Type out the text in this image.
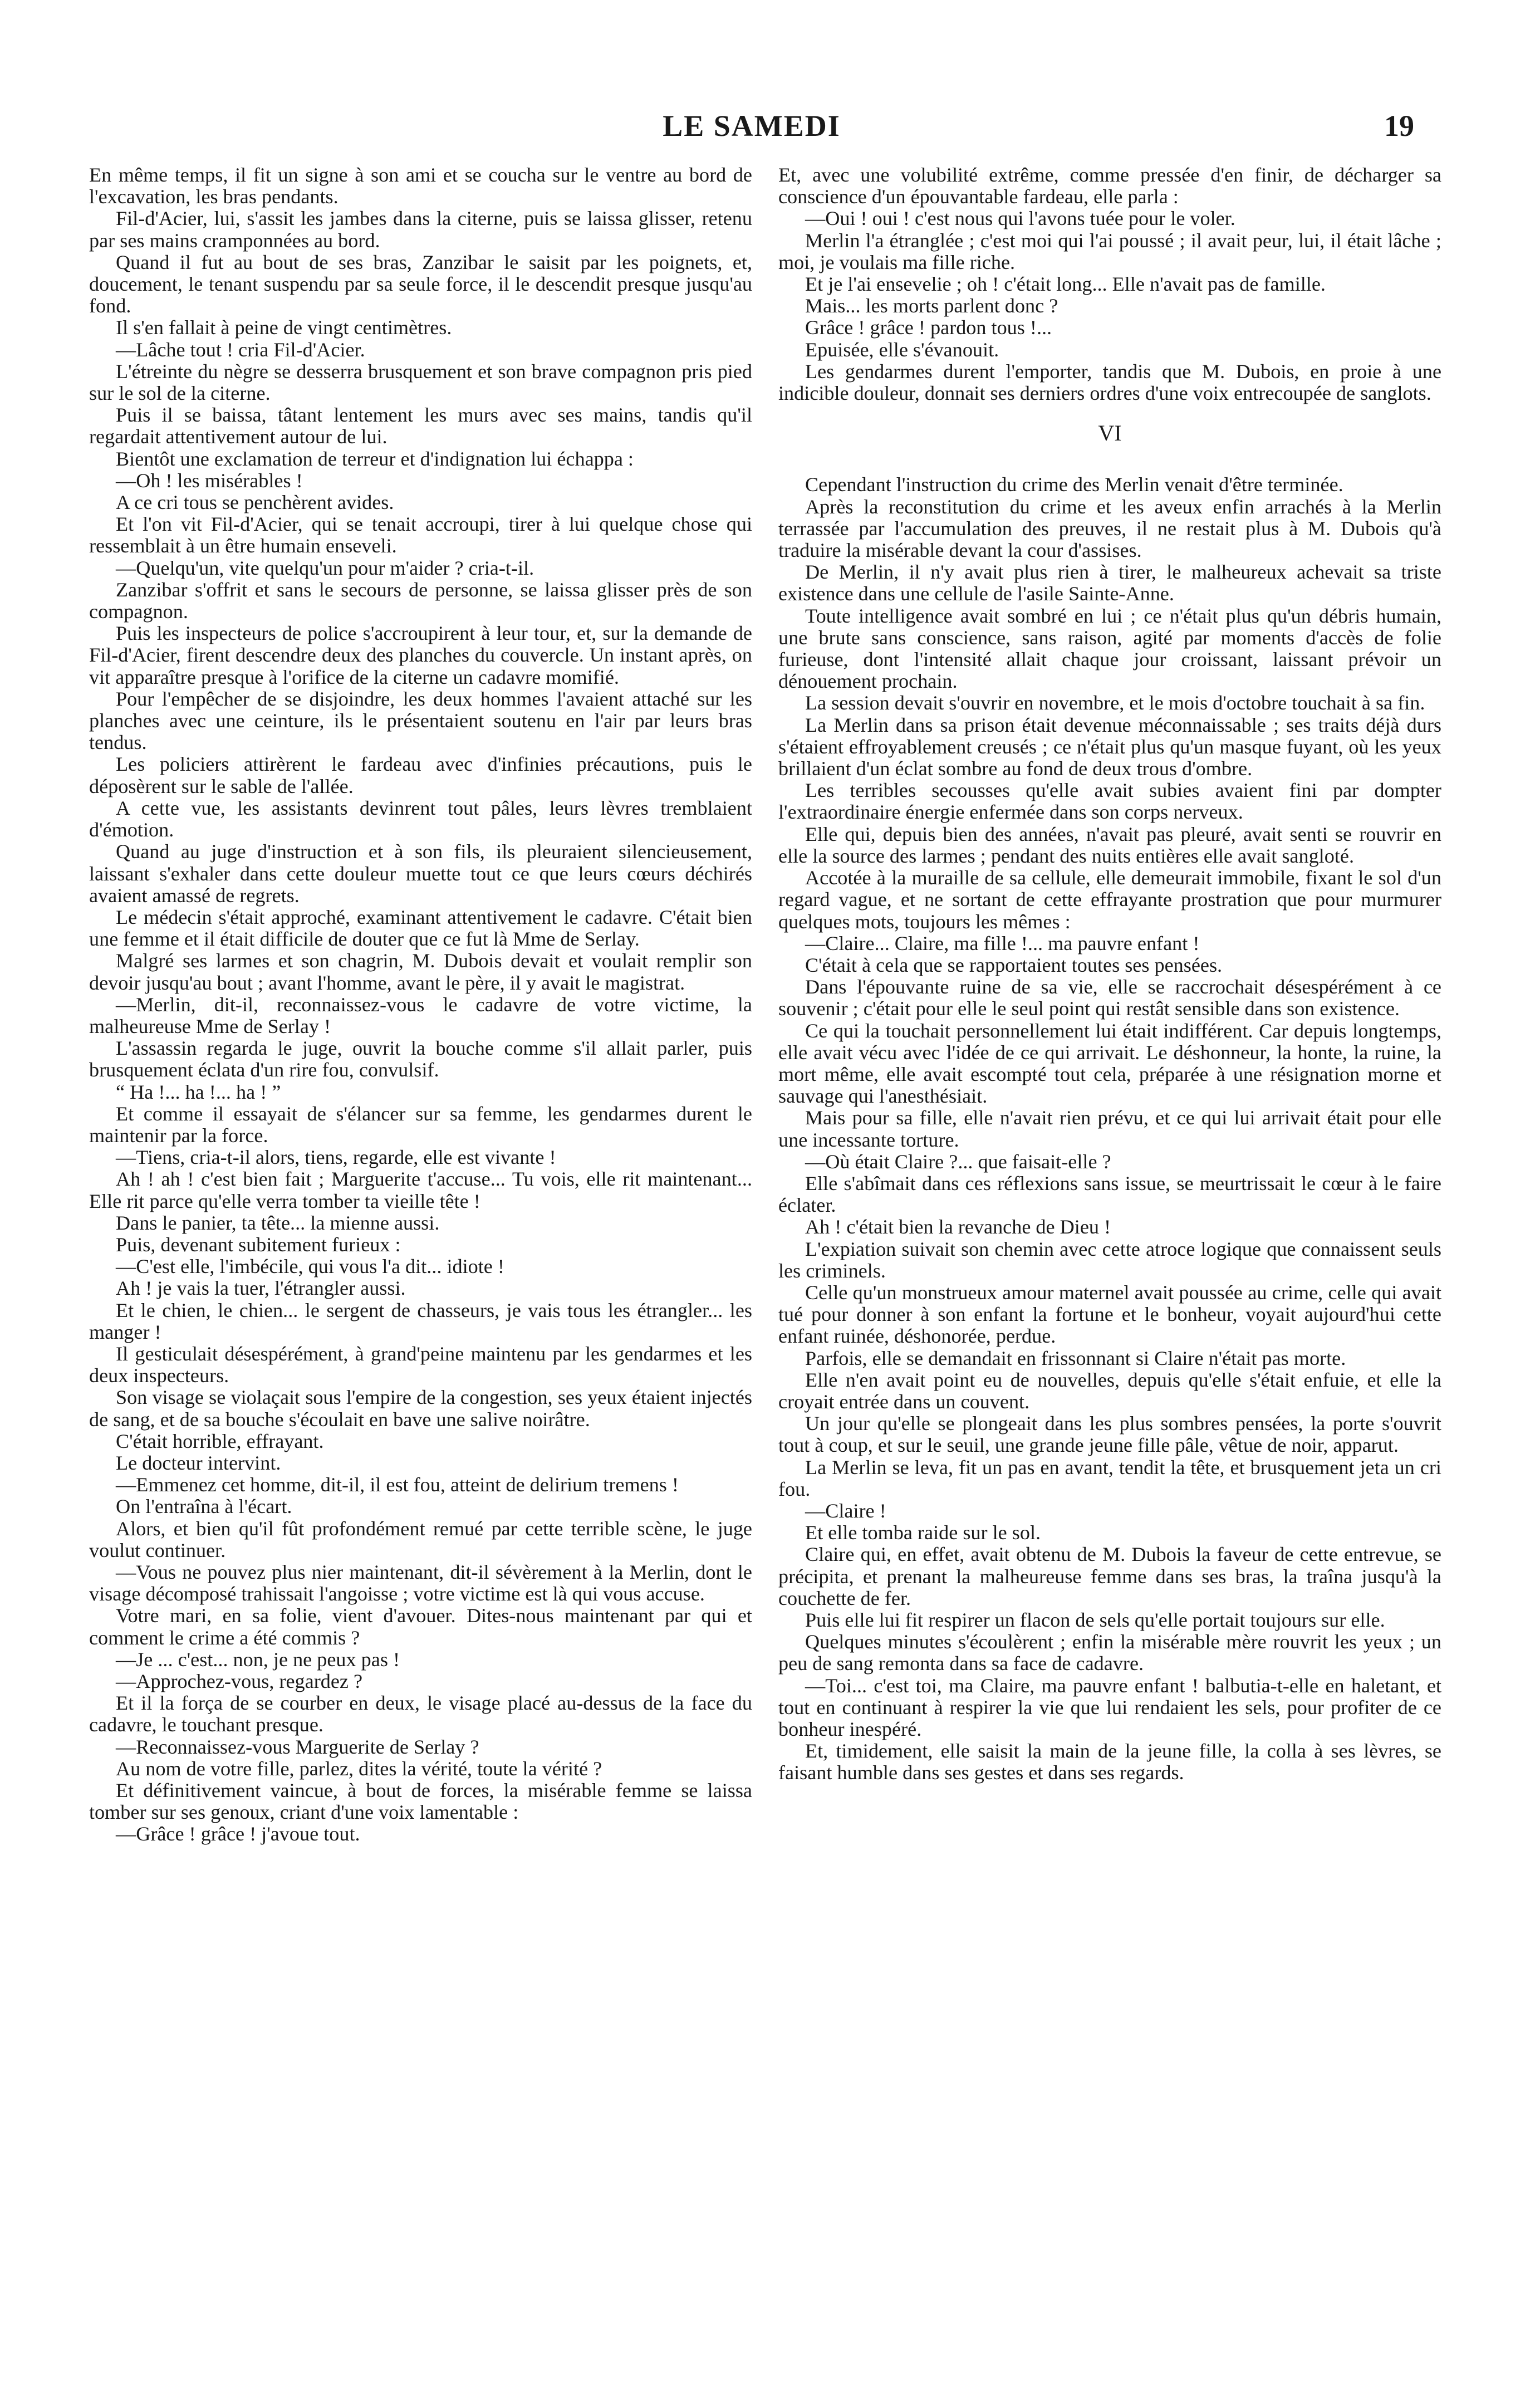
LE SAMEDI	19

En même temps, il fit un signe à son ami et se coucha sur le ventre au bord de l'excavation, les bras pendants.

Fil-d'Acier, lui, s'assit les jambes dans la citerne, puis se laissa glisser, retenu par ses mains cramponnées au bord.

Quand il fut au bout de ses bras, Zanzibar le saisit par les poignets, et, doucement, le tenant suspendu par sa seule force, il le descendit presque jusqu'au fond.

Il s'en fallait à peine de vingt centimètres.

—Lâche tout ! cria Fil-d'Acier.

L'étreinte du nègre se desserra brusquement et son brave compagnon pris pied sur le sol de la citerne.

Puis il se baissa, tâtant lentement les murs avec ses mains, tandis qu'il regardait attentivement autour de lui.

Bientôt une exclamation de terreur et d'indignation lui échappa :

—Oh ! les misérables !

A ce cri tous se penchèrent avides.

Et l'on vit Fil-d'Acier, qui se tenait accroupi, tirer à lui quelque chose qui ressemblait à un être humain enseveli.

—Quelqu'un, vite quelqu'un pour m'aider ? cria-t-il.

Zanzibar s'offrit et sans le secours de personne, se laissa glisser près de son compagnon.

Puis les inspecteurs de police s'accroupirent à leur tour, et, sur la demande de Fil-d'Acier, firent descendre deux des planches du couvercle. Un instant après, on vit apparaître presque à l'orifice de la citerne un cadavre momifié.

Pour l'empêcher de se disjoindre, les deux hommes l'avaient attaché sur les planches avec une ceinture, ils le présentaient soutenu en l'air par leurs bras tendus.

Les policiers attirèrent le fardeau avec d'infinies précautions, puis le déposèrent sur le sable de l'allée.

A cette vue, les assistants devinrent tout pâles, leurs lèvres tremblaient d'émotion.

Quand au juge d'instruction et à son fils, ils pleuraient silencieusement, laissant s'exhaler dans cette douleur muette tout ce que leurs cœurs déchirés avaient amassé de regrets.

Le médecin s'était approché, examinant attentivement le cadavre. C'était bien une femme et il était difficile de douter que ce fut là Mme de Serlay.

Malgré ses larmes et son chagrin, M. Dubois devait et voulait remplir son devoir jusqu'au bout ; avant l'homme, avant le père, il y avait le magistrat.

—Merlin, dit-il, reconnaissez-vous le cadavre de votre victime, la malheureuse Mme de Serlay !

L'assassin regarda le juge, ouvrit la bouche comme s'il allait parler, puis brusquement éclata d'un rire fou, convulsif.

“ Ha !... ha !... ha ! ”

Et comme il essayait de s'élancer sur sa femme, les gendarmes durent le maintenir par la force.

—Tiens, cria-t-il alors, tiens, regarde, elle est vivante !

Ah ! ah ! c'est bien fait ; Marguerite t'accuse... Tu vois, elle rit maintenant... Elle rit parce qu'elle verra tomber ta vieille tête !

Dans le panier, ta tête... la mienne aussi.

Puis, devenant subitement furieux :

—C'est elle, l'imbécile, qui vous l'a dit... idiote !

Ah ! je vais la tuer, l'étrangler aussi.

Et le chien, le chien... le sergent de chasseurs, je vais tous les étrangler... les manger !

Il gesticulait désespérément, à grand'peine maintenu par les gendarmes et les deux inspecteurs.

Son visage se violaçait sous l'empire de la congestion, ses yeux étaient injectés de sang, et de sa bouche s'écoulait en bave une salive noirâtre.

C'était horrible, effrayant.

Le docteur intervint.

—Emmenez cet homme, dit-il, il est fou, atteint de delirium tremens !

On l'entraîna à l'écart.

Alors, et bien qu'il fût profondément remué par cette terrible scène, le juge voulut continuer.

—Vous ne pouvez plus nier maintenant, dit-il sévèrement à la Merlin, dont le visage décomposé trahissait l'angoisse ; votre victime est là qui vous accuse.

Votre mari, en sa folie, vient d'avouer. Dites-nous maintenant par qui et comment le crime a été commis ?

—Je ... c'est... non, je ne peux pas !

—Approchez-vous, regardez ?

Et il la força de se courber en deux, le visage placé au-dessus de la face du cadavre, le touchant presque.

—Reconnaissez-vous Marguerite de Serlay ?

Au nom de votre fille, parlez, dites la vérité, toute la vérité ?

Et définitivement vaincue, à bout de forces, la misérable femme se laissa tomber sur ses genoux, criant d'une voix lamentable :

—Grâce ! grâce ! j'avoue tout.

Et, avec une volubilité extrême, comme pressée d'en finir, de décharger sa conscience d'un épouvantable fardeau, elle parla :

—Oui ! oui ! c'est nous qui l'avons tuée pour le voler.

Merlin l'a étranglée ; c'est moi qui l'ai poussé ; il avait peur, lui, il était lâche ; moi, je voulais ma fille riche.

Et je l'ai ensevelie ; oh ! c'était long... Elle n'avait pas de famille.

Mais... les morts parlent donc ?

Grâce ! grâce ! pardon tous !...

Epuisée, elle s'évanouit.

Les gendarmes durent l'emporter, tandis que M. Dubois, en proie à une indicible douleur, donnait ses derniers ordres d'une voix entrecoupée de sanglots.

VI

Cependant l'instruction du crime des Merlin venait d'être terminée.

Après la reconstitution du crime et les aveux enfin arrachés à la Merlin terrassée par l'accumulation des preuves, il ne restait plus à M. Dubois qu'à traduire la misérable devant la cour d'assises.

De Merlin, il n'y avait plus rien à tirer, le malheureux achevait sa triste existence dans une cellule de l'asile Sainte-Anne.

Toute intelligence avait sombré en lui ; ce n'était plus qu'un débris humain, une brute sans conscience, sans raison, agité par moments d'accès de folie furieuse, dont l'intensité allait chaque jour croissant, laissant prévoir un dénouement prochain.

La session devait s'ouvrir en novembre, et le mois d'octobre touchait à sa fin.

La Merlin dans sa prison était devenue méconnaissable ; ses traits déjà durs s'étaient effroyablement creusés ; ce n'était plus qu'un masque fuyant, où les yeux brillaient d'un éclat sombre au fond de deux trous d'ombre.

Les terribles secousses qu'elle avait subies avaient fini par dompter l'extraordinaire énergie enfermée dans son corps nerveux.

Elle qui, depuis bien des années, n'avait pas pleuré, avait senti se rouvrir en elle la source des larmes ; pendant des nuits entières elle avait sangloté.

Accotée à la muraille de sa cellule, elle demeurait immobile, fixant le sol d'un regard vague, et ne sortant de cette effrayante prostration que pour murmurer quelques mots, toujours les mêmes :

—Claire... Claire, ma fille !... ma pauvre enfant !

C'était à cela que se rapportaient toutes ses pensées.

Dans l'épouvante ruine de sa vie, elle se raccrochait désespérément à ce souvenir ; c'était pour elle le seul point qui restât sensible dans son existence.

Ce qui la touchait personnellement lui était indifférent. Car depuis longtemps, elle avait vécu avec l'idée de ce qui arrivait. Le déshonneur, la honte, la ruine, la mort même, elle avait escompté tout cela, préparée à une résignation morne et sauvage qui l'anesthésiait.

Mais pour sa fille, elle n'avait rien prévu, et ce qui lui arrivait était pour elle une incessante torture.

—Où était Claire ?... que faisait-elle ?

Elle s'abîmait dans ces réflexions sans issue, se meurtrissait le cœur à le faire éclater.

Ah ! c'était bien la revanche de Dieu !

L'expiation suivait son chemin avec cette atroce logique que connaissent seuls les criminels.

Celle qu'un monstrueux amour maternel avait poussée au crime, celle qui avait tué pour donner à son enfant la fortune et le bonheur, voyait aujourd'hui cette enfant ruinée, déshonorée, perdue.

Parfois, elle se demandait en frissonnant si Claire n'était pas morte.

Elle n'en avait point eu de nouvelles, depuis qu'elle s'était enfuie, et elle la croyait entrée dans un couvent.

Un jour qu'elle se plongeait dans les plus sombres pensées, la porte s'ouvrit tout à coup, et sur le seuil, une grande jeune fille pâle, vêtue de noir, apparut.

La Merlin se leva, fit un pas en avant, tendit la tête, et brusquement jeta un cri fou.

—Claire !

Et elle tomba raide sur le sol.

Claire qui, en effet, avait obtenu de M. Dubois la faveur de cette entrevue, se précipita, et prenant la malheureuse femme dans ses bras, la traîna jusqu'à la couchette de fer.

Puis elle lui fit respirer un flacon de sels qu'elle portait toujours sur elle.

Quelques minutes s'écoulèrent ; enfin la misérable mère rouvrit les yeux ; un peu de sang remonta dans sa face de cadavre.

—Toi... c'est toi, ma Claire, ma pauvre enfant ! balbutia-t-elle en haletant, et tout en continuant à respirer la vie que lui rendaient les sels, pour profiter de ce bonheur inespéré.

Et, timidement, elle saisit la main de la jeune fille, la colla à ses lèvres, se faisant humble dans ses gestes et dans ses regards.
